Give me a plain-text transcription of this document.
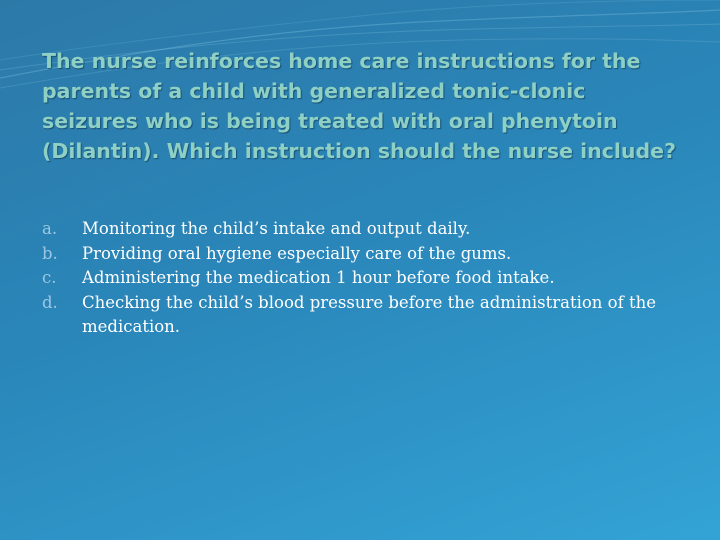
The nurse reinforces home care instructions for the parents of a child with generalized tonic-clonic seizures who is being treated with oral phenytoin (Dilantin). Which instruction should the nurse include?
a.	Monitoring the child’s intake and output daily.
b.	Providing oral hygiene especially care of the gums.
c.	Administering the medication 1 hour before food intake.
d.	Checking the child’s blood pressure before the administration of the medication.
